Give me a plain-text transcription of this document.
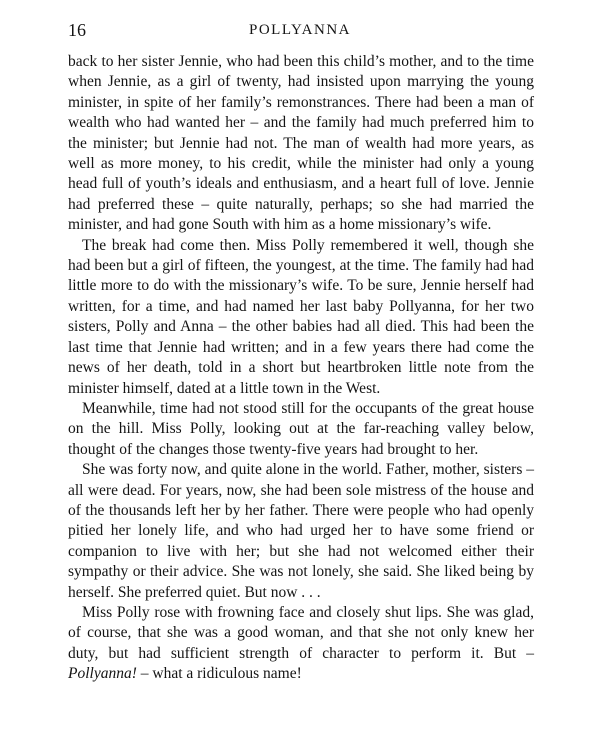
16	POLLYANNA

back to her sister Jennie, who had been this child’s mother, and to the time when Jennie, as a girl of twenty, had insisted upon marrying the young minister, in spite of her family’s remonstrances. There had been a man of wealth who had wanted her – and the family had much preferred him to the minister; but Jennie had not. The man of wealth had more years, as well as more money, to his credit, while the minister had only a young head full of youth’s ideals and enthusiasm, and a heart full of love. Jennie had preferred these – quite naturally, perhaps; so she had married the minister, and had gone South with him as a home missionary’s wife.

The break had come then. Miss Polly remembered it well, though she had been but a girl of fifteen, the youngest, at the time. The family had had little more to do with the missionary’s wife. To be sure, Jennie herself had written, for a time, and had named her last baby Pollyanna, for her two sisters, Polly and Anna – the other babies had all died. This had been the last time that Jennie had written; and in a few years there had come the news of her death, told in a short but heartbroken little note from the minister himself, dated at a little town in the West.

Meanwhile, time had not stood still for the occupants of the great house on the hill. Miss Polly, looking out at the far-reaching valley below, thought of the changes those twenty-five years had brought to her.

She was forty now, and quite alone in the world. Father, mother, sisters – all were dead. For years, now, she had been sole mistress of the house and of the thousands left her by her father. There were people who had openly pitied her lonely life, and who had urged her to have some friend or companion to live with her; but she had not welcomed either their sympathy or their advice. She was not lonely, she said. She liked being by herself. She preferred quiet. But now . . .

Miss Polly rose with frowning face and closely shut lips. She was glad, of course, that she was a good woman, and that she not only knew her duty, but had sufficient strength of character to perform it. But – Pollyanna! – what a ridiculous name!
